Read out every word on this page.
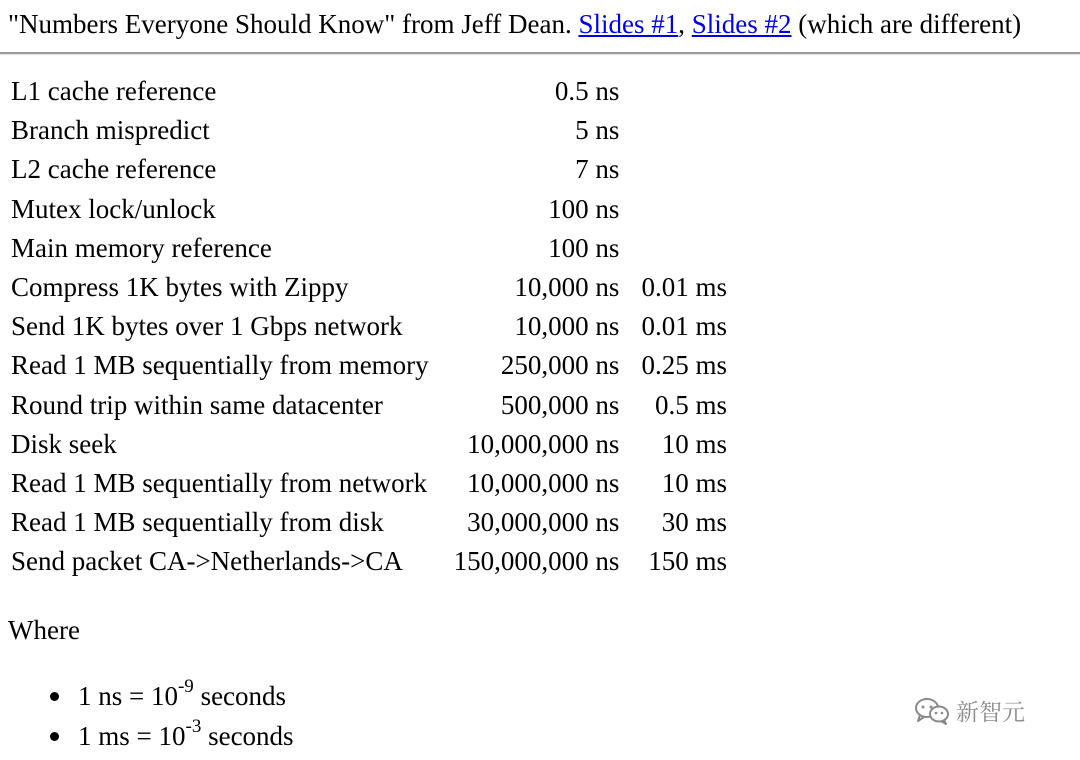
"Numbers Everyone Should Know" from Jeff Dean. Slides #1, Slides #2 (which are different)
L1 cache reference	0.5 ns	
Branch mispredict	5 ns	
L2 cache reference	7 ns	
Mutex lock/unlock	100 ns	
Main memory reference	100 ns	
Compress 1K bytes with Zippy	10,000 ns	0.01 ms
Send 1K bytes over 1 Gbps network	10,000 ns	0.01 ms
Read 1 MB sequentially from memory	250,000 ns	0.25 ms
Round trip within same datacenter	500,000 ns	0.5 ms
Disk seek	10,000,000 ns	10 ms
Read 1 MB sequentially from network	10,000,000 ns	10 ms
Read 1 MB sequentially from disk	30,000,000 ns	30 ms
Send packet CA->Netherlands->CA	150,000,000 ns	150 ms
Where
1 ns = $10^{-9}$ seconds
1 ms = $10^{-3}$ seconds
新智元
